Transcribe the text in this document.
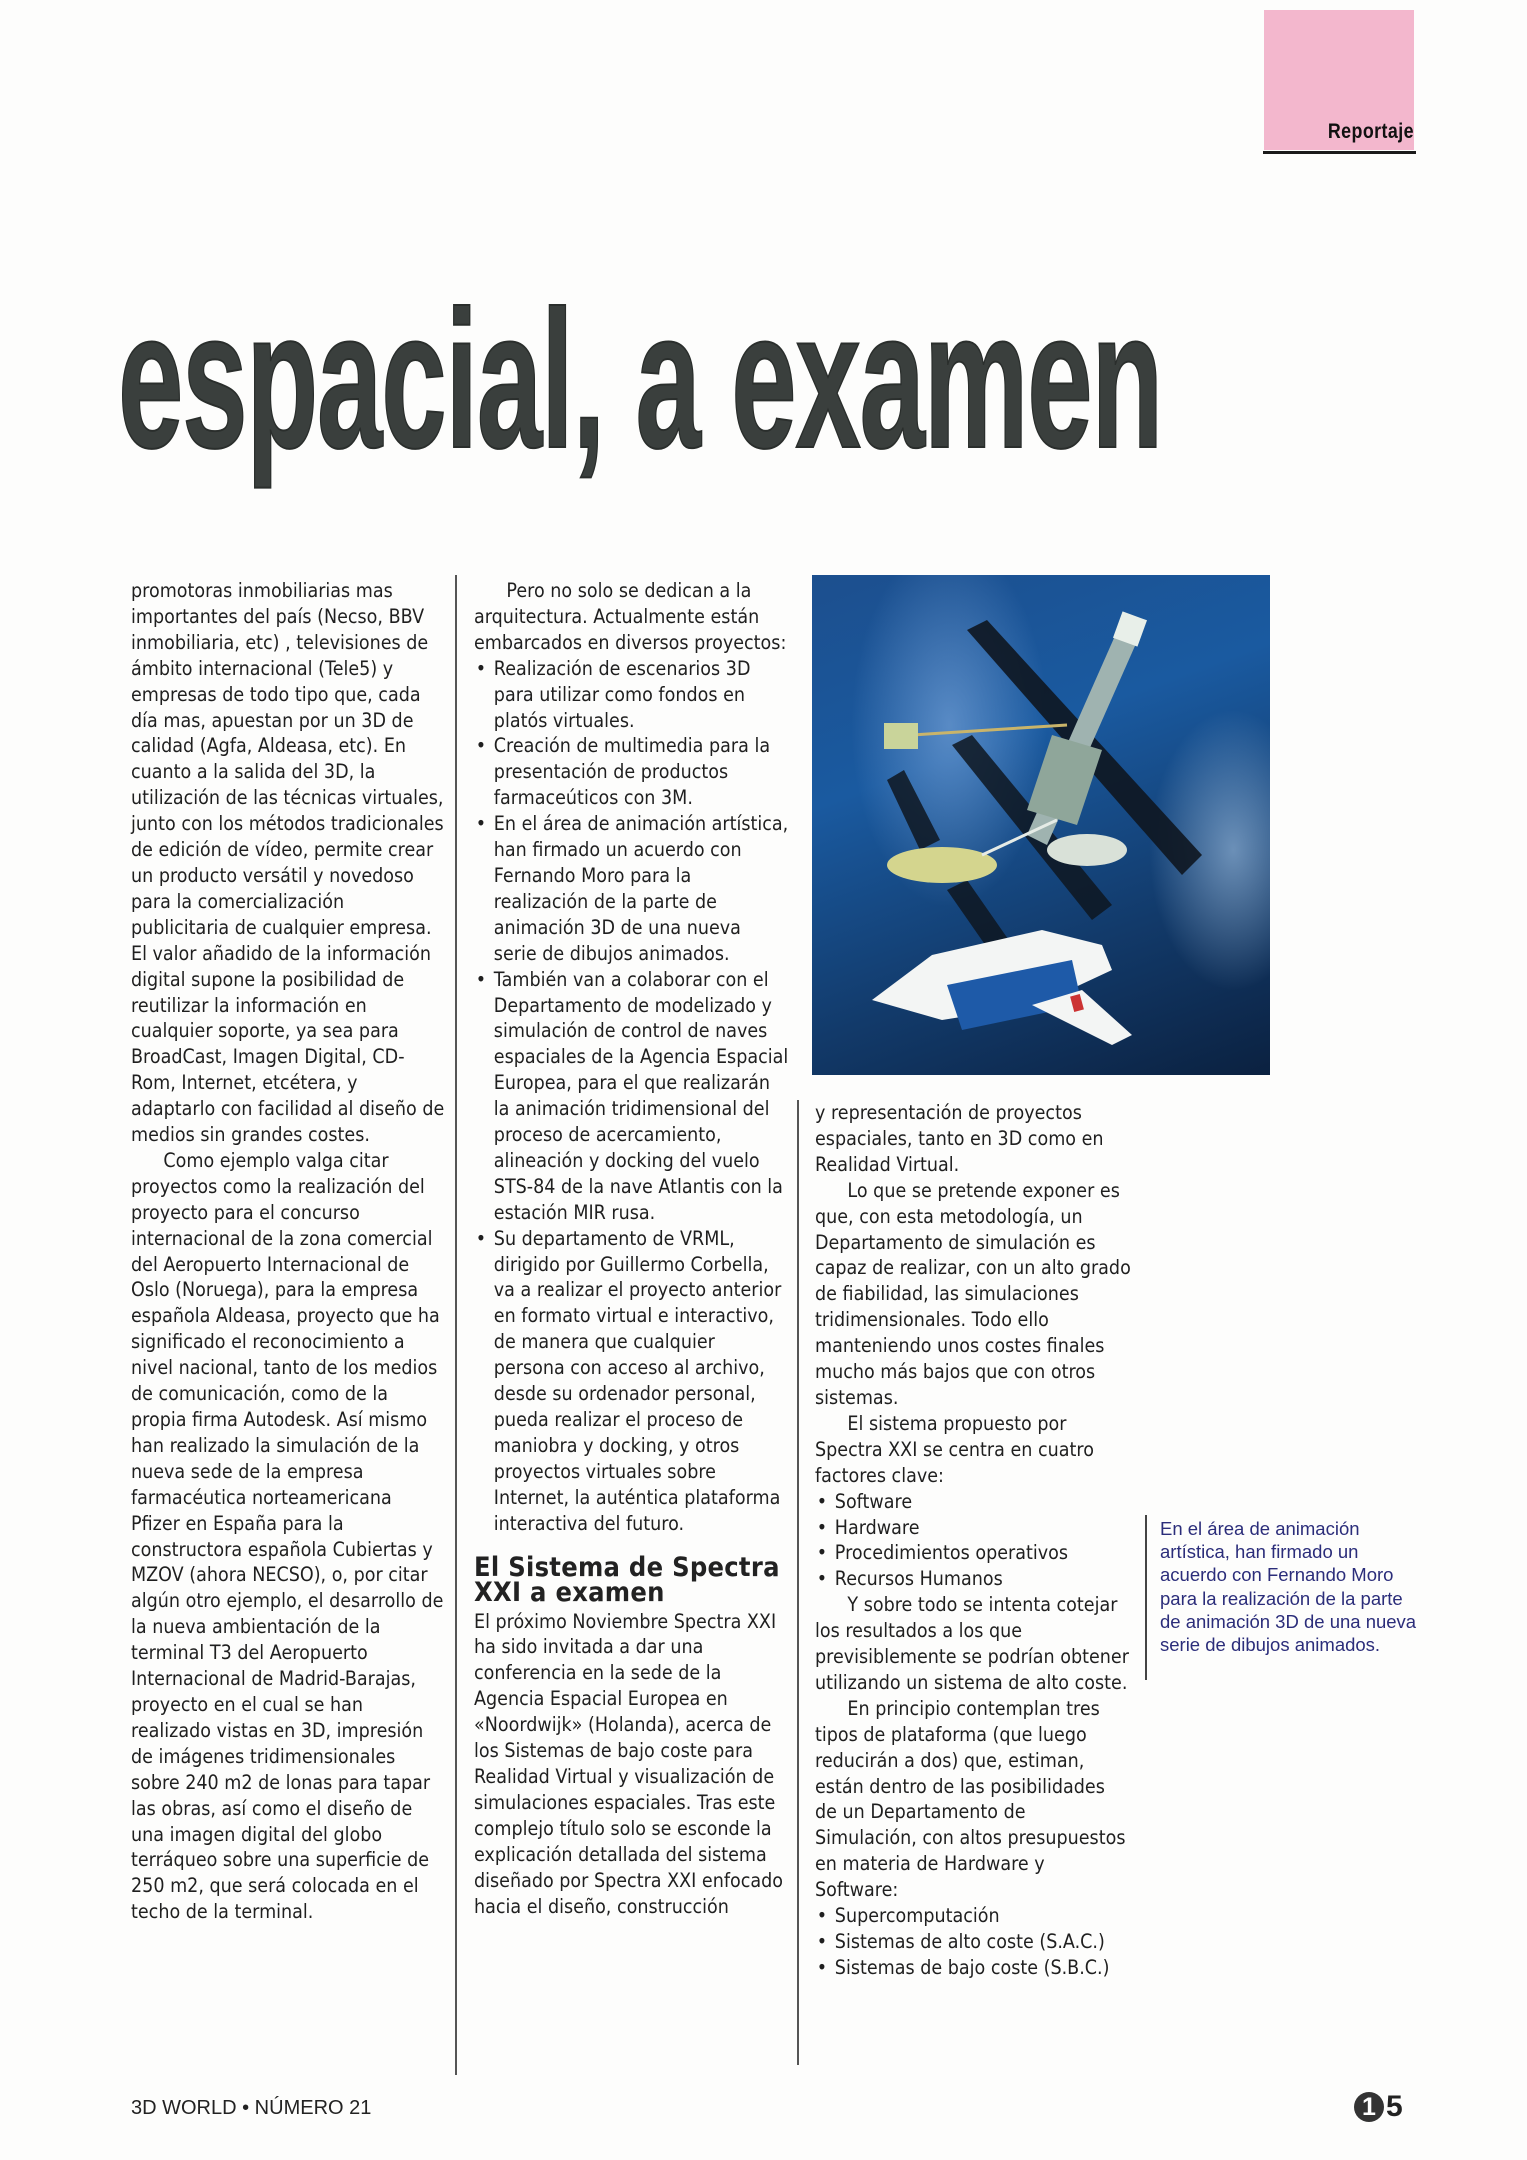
Reportaje
espacial, a examen

promotoras inmobiliarias mas importantes del país (Necso, BBV inmobiliaria, etc) , televisiones de ámbito internacional (Tele5) y empresas de todo tipo que, cada día mas, apuestan por un 3D de calidad (Agfa, Aldeasa, etc). En cuanto a la salida del 3D, la utilización de las técnicas virtuales, junto con los métodos tradicionales de edición de vídeo, permite crear un producto versátil y novedoso para la comercialización publicitaria de cualquier empresa. El valor añadido de la información digital supone la posibilidad de reutilizar la información en cualquier soporte, ya sea para BroadCast, Imagen Digital, CD-Rom, Internet, etcétera, y adaptarlo con facilidad al diseño de medios sin grandes costes.

Como ejemplo valga citar proyectos como la realización del proyecto para el concurso internacional de la zona comercial del Aeropuerto Internacional de Oslo (Noruega), para la empresa española Aldeasa, proyecto que ha significado el reconocimiento a nivel nacional, tanto de los medios de comunicación, como de la propia firma Autodesk. Así mismo han realizado la simulación de la nueva sede de la empresa farmacéutica norteamericana Pfizer en España para la constructora española Cubiertas y MZOV (ahora NECSO), o, por citar algún otro ejemplo, el desarrollo de la nueva ambientación de la terminal T3 del Aeropuerto Internacional de Madrid-Barajas, proyecto en el cual se han realizado vistas en 3D, impresión de imágenes tridimensionales sobre 240 m2 de lonas para tapar las obras, así como el diseño de una imagen digital del globo terráqueo sobre una superficie de 250 m2, que será colocada en el techo de la terminal.

Pero no solo se dedican a la arquitectura. Actualmente están embarcados en diversos proyectos:

• Realización de escenarios 3D para utilizar como fondos en platós virtuales.
• Creación de multimedia para la presentación de productos farmaceúticos con 3M.
• En el área de animación artística, han firmado un acuerdo con Fernando Moro para la realización de la parte de animación 3D de una nueva serie de dibujos animados.
• También van a colaborar con el Departamento de modelizado y simulación de control de naves espaciales de la Agencia Espacial Europea, para el que realizarán la animación tridimensional del proceso de acercamiento, alineación y docking del vuelo STS-84 de la nave Atlantis con la estación MIR rusa.
• Su departamento de VRML, dirigido por Guillermo Corbella, va a realizar el proyecto anterior en formato virtual e interactivo, de manera que cualquier persona con acceso al archivo, desde su ordenador personal, pueda realizar el proceso de maniobra y docking, y otros proyectos virtuales sobre Internet, la auténtica plataforma interactiva del futuro.
El Sistema de Spectra XXI a examen

El próximo Noviembre Spectra XXI ha sido invitada a dar una conferencia en la sede de la Agencia Espacial Europea en «Noordwijk» (Holanda), acerca de los Sistemas de bajo coste para Realidad Virtual y visualización de simulaciones espaciales. Tras este complejo título solo se esconde la explicación detallada del sistema diseñado por Spectra XXI enfocado hacia el diseño, construcción

y representación de proyectos espaciales, tanto en 3D como en Realidad Virtual.

Lo que se pretende exponer es que, con esta metodología, un Departamento de simulación es capaz de realizar, con un alto grado de fiabilidad, las simulaciones tridimensionales. Todo ello manteniendo unos costes finales mucho más bajos que con otros sistemas.

El sistema propuesto por Spectra XXI se centra en cuatro factores clave:

• Software
• Hardware
• Procedimientos operativos
• Recursos Humanos

Y sobre todo se intenta cotejar los resultados a los que previsiblemente se podrían obtener utilizando un sistema de alto coste.

En principio contemplan tres tipos de plataforma (que luego reducirán a dos) que, estiman, están dentro de las posibilidades de un Departamento de Simulación, con altos presupuestos en materia de Hardware y Software:

• Supercomputación
• Sistemas de alto coste (S.A.C.)
• Sistemas de bajo coste (S.B.C.)
En el área de animación artística, han firmado un acuerdo con Fernando Moro para la realización de la parte de animación 3D de una nueva serie de dibujos animados.
3D WORLD • NÚMERO 21	1 5
